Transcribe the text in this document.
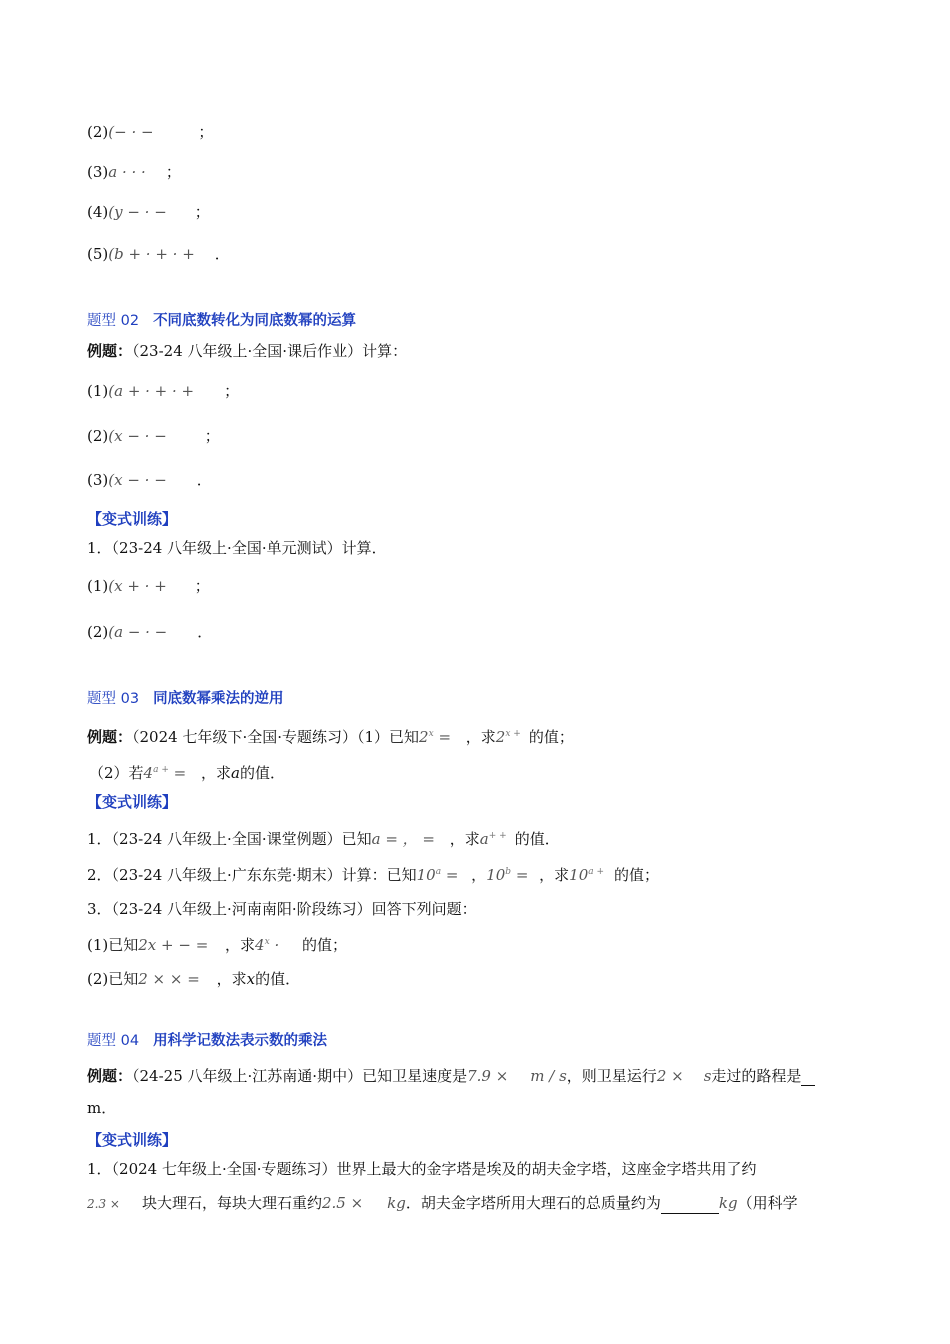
(2)(− · −	；
(3)a · · · ；
(4)(y − · − ；
(5)(b + · + · + ．
题型 02 不同底数转化为同底数幂的运算
例题：（23-24 八年级上·全国·课后作业）计算：
(1)(a + · + · + ；
(2)(x − · −	；
(3)(x − · − ．
【变式训练】
1．（23-24 八年级上·全国·单元测试）计算．
(1)(x + · + ；
(2)(a − · − ．
题型 03 同底数幂乘法的逆用
例题：（2024 七年级下·全国·专题练习）（1）已知$2^x$ = ，求$2^{x +}$ 的值；
（2）若$4^{a +}$ = ，求a的值．
【变式训练】
1．（23-24 八年级上·全国·课堂例题）已知a = ， = ，求a+ + 的值．
2．（23-24 八年级上·广东东莞·期末）计算：已知$10^a$ = ，$10^b$ = ，求$10^{a +}$ 的值；
3．（23-24 八年级上·河南南阳·阶段练习）回答下列问题：
(1)已知2x + − = ，求$4^x$ · 的值；
(2)已知2 × × = ，求x的值．
题型 04 用科学记数法表示数的乘法
例题：（24-25 八年级上·江苏南通·期中）已知卫星速度是7.9 × m / s，则卫星运行2 × s走过的路程是
m．
【变式训练】
1．（2024 七年级上·全国·专题练习）世界上最大的金字塔是埃及的胡夫金字塔，这座金字塔共用了约
2.3 × 块大理石，每块大理石重约2.5 × kg．胡夫金字塔所用大理石的总质量约为	kg（用科学
